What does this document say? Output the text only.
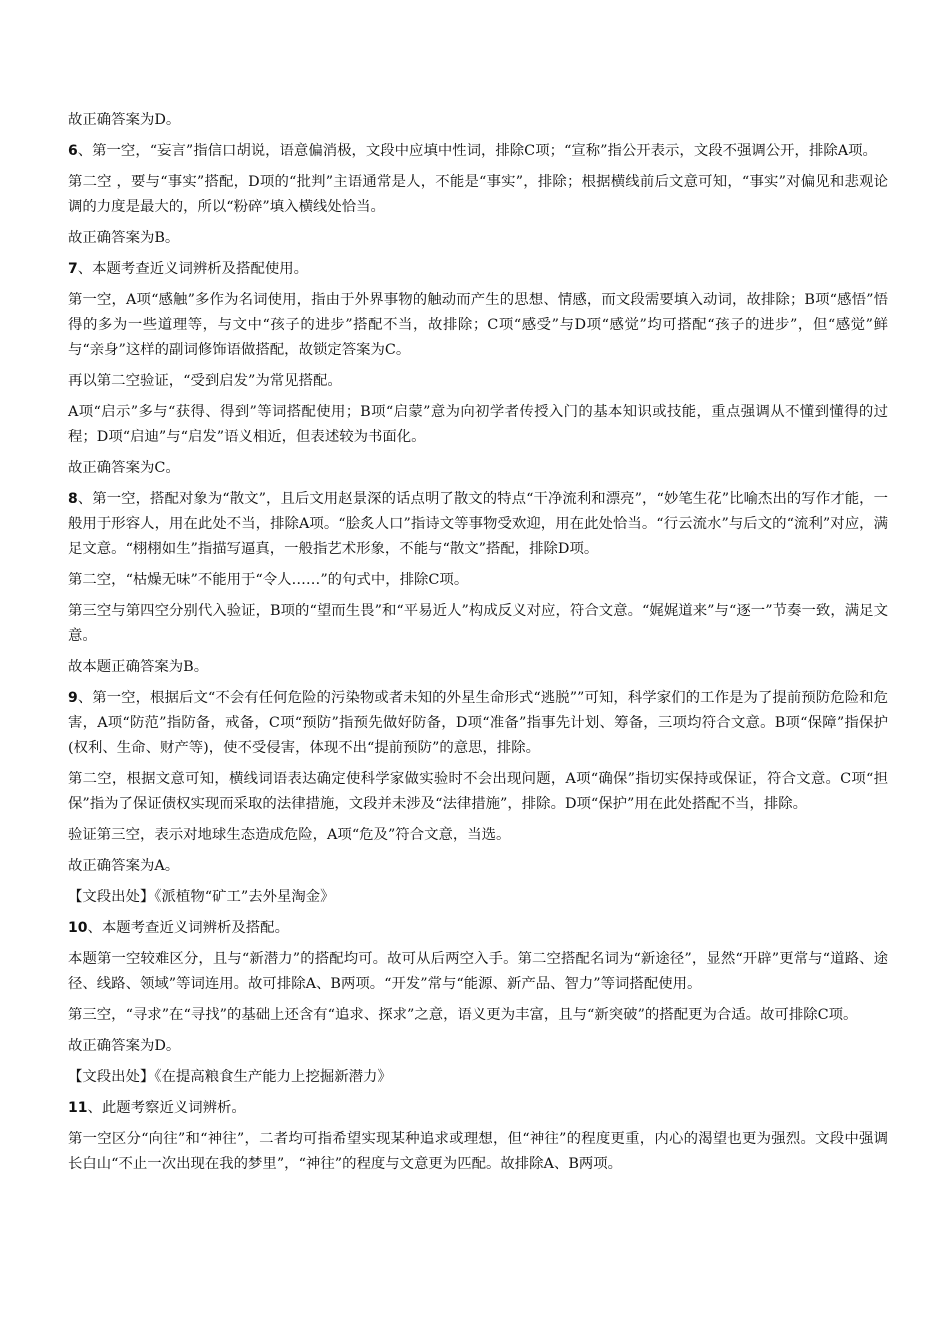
故正确答案为D。

6、第一空，“妄言”指信口胡说，语意偏消极，文段中应填中性词，排除C项；“宣称”指公开表示，文段不强调公开，排除A项。

第二空 ，要与“事实”搭配，D项的“批判”主语通常是人，不能是“事实”，排除；根据横线前后文意可知，“事实”对偏见和悲观论调的力度是最大的，所以“粉碎”填入横线处恰当。

故正确答案为B。

7、本题考查近义词辨析及搭配使用。

第一空，A项“感触”多作为名词使用，指由于外界事物的触动而产生的思想、情感，而文段需要填入动词，故排除；B项“感悟”悟得的多为一些道理等，与文中“孩子的进步”搭配不当，故排除；C项“感受”与D项“感觉”均可搭配“孩子的进步”，但“感觉”鲜与“亲身”这样的副词修饰语做搭配，故锁定答案为C。

再以第二空验证，“受到启发”为常见搭配。

A项“启示”多与“获得、得到”等词搭配使用；B项“启蒙”意为向初学者传授入门的基本知识或技能，重点强调从不懂到懂得的过程；D项“启迪”与“启发”语义相近，但表述较为书面化。

故正确答案为C。

8、第一空，搭配对象为“散文”，且后文用赵景深的话点明了散文的特点“干净流利和漂亮”，“妙笔生花”比喻杰出的写作才能，一般用于形容人，用在此处不当，排除A项。“脍炙人口”指诗文等事物受欢迎，用在此处恰当。“行云流水”与后文的“流利”对应，满足文意。“栩栩如生”指描写逼真，一般指艺术形象，不能与“散文”搭配，排除D项。

第二空，“枯燥无味”不能用于“令人……”的句式中，排除C项。

第三空与第四空分别代入验证，B项的“望而生畏”和“平易近人”构成反义对应，符合文意。“娓娓道来”与“逐一”节奏一致，满足文意。

故本题正确答案为B。

9、第一空，根据后文“不会有任何危险的污染物或者未知的外星生命形式“逃脱””可知，科学家们的工作是为了提前预防危险和危害，A项“防范”指防备，戒备，C项“预防”指预先做好防备，D项“准备”指事先计划、筹备，三项均符合文意。B项“保障”指保护(权利、生命、财产等)，使不受侵害，体现不出“提前预防”的意思，排除。

第二空，根据文意可知，横线词语表达确定使科学家做实验时不会出现问题，A项“确保”指切实保持或保证，符合文意。C项“担保”指为了保证债权实现而采取的法律措施，文段并未涉及“法律措施”，排除。D项“保护”用在此处搭配不当，排除。

验证第三空，表示对地球生态造成危险，A项“危及”符合文意，当选。

故正确答案为A。

【文段出处】《派植物“矿工”去外星淘金》

10、本题考查近义词辨析及搭配。

本题第一空较难区分，且与“新潜力”的搭配均可。故可从后两空入手。第二空搭配名词为“新途径”，显然“开辟”更常与“道路、途径、线路、领域”等词连用。故可排除A、B两项。“开发”常与“能源、新产品、智力”等词搭配使用。

第三空，“寻求”在“寻找”的基础上还含有“追求、探求”之意，语义更为丰富，且与“新突破”的搭配更为合适。故可排除C项。

故正确答案为D。

【文段出处】《在提高粮食生产能力上挖掘新潜力》

11、此题考察近义词辨析。

第一空区分“向往”和“神往”，二者均可指希望实现某种追求或理想，但“神往”的程度更重，内心的渴望也更为强烈。文段中强调长白山“不止一次出现在我的梦里”，“神往”的程度与文意更为匹配。故排除A、B两项。
